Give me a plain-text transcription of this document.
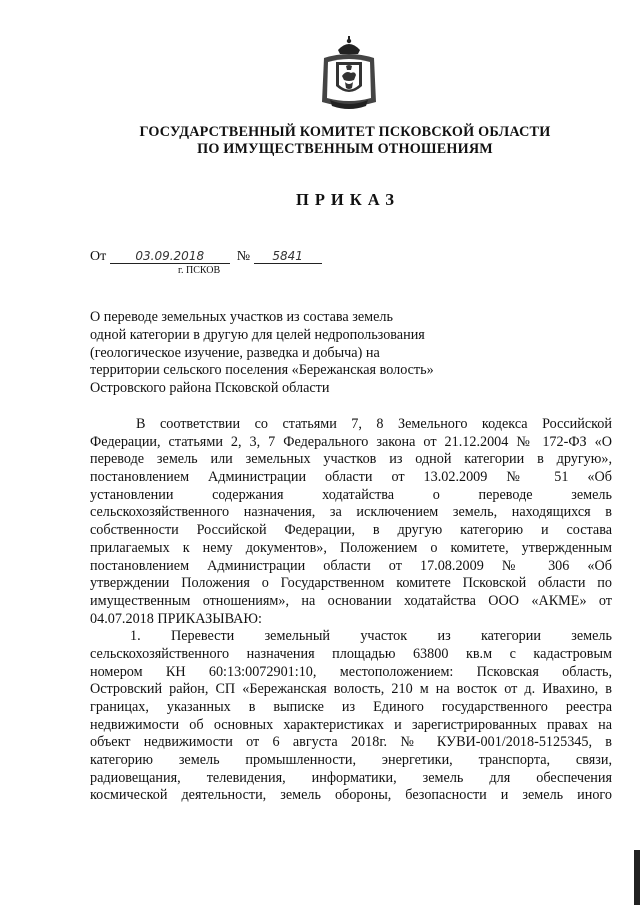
ГОСУДАРСТВЕННЫЙ КОМИТЕТ ПСКОВСКОЙ ОБЛАСТИ
ПО ИМУЩЕСТВЕННЫМ ОТНОШЕНИЯМ
ПРИКАЗ
От 03.09.2018 № 5841
г. ПСКОВ
О переводе земельных участков из состава земель
одной категории в другую для целей недропользования
(геологическое изучение, разведка и добыча) на
территории сельского поселения «Бережанская волость»
Островского района Псковской области
В соответствии со статьями 7, 8 Земельного кодекса Российской
Федерации, статьями 2, 3, 7 Федерального закона от 21.12.2004 № 172-ФЗ «О
переводе земель или земельных участков из одной категории в другую»,
постановлением Администрации области от 13.02.2009 № 51 «Об
установлении содержания ходатайства о переводе земель
сельскохозяйственного назначения, за исключением земель, находящихся в
собственности Российской Федерации, в другую категорию и состава
прилагаемых к нему документов», Положением о комитете, утвержденным
постановлением Администрации области от 17.08.2009 № 306 «Об
утверждении Положения о Государственном комитете Псковской области по
имущественным отношениям», на основании ходатайства ООО «АКМЕ» от
04.07.2018 ПРИКАЗЫВАЮ:
1. Перевести земельный участок из категории земель
сельскохозяйственного назначения площадью 63800 кв.м с кадастровым
номером КН 60:13:0072901:10, местоположением: Псковская область,
Островский район, СП «Бережанская волость, 210 м на восток от д. Ивахино, в
границах, указанных в выписке из Единого государственного реестра
недвижимости об основных характеристиках и зарегистрированных правах на
объект недвижимости от 6 августа 2018г. № КУВИ-001/2018-5125345, в
категорию земель промышленности, энергетики, транспорта, связи,
радиовещания, телевидения, информатики, земель для обеспечения
космической деятельности, земель обороны, безопасности и земель иного
